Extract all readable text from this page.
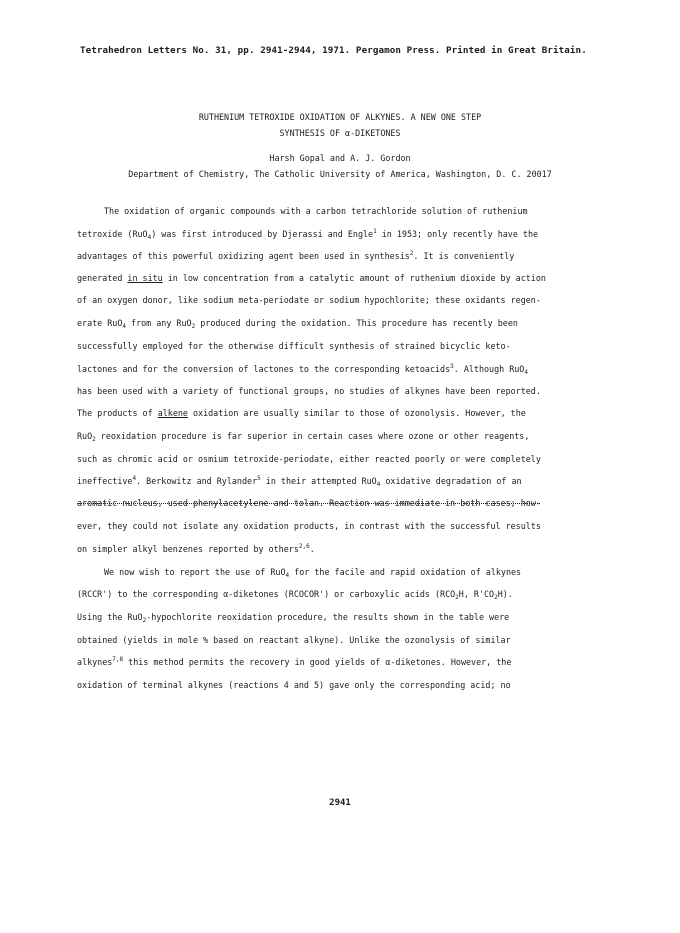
Tetrahedron Letters No. 31, pp. 2941-2944, 1971. Pergamon Press. Printed in Great Britain.
RUTHENIUM TETROXIDE OXIDATION OF ALKYNES. A NEW ONE STEP
SYNTHESIS OF α-DIKETONES
Harsh Gopal and A. J. Gordon
Department of Chemistry, The Catholic University of America, Washington, D. C. 20017
The oxidation of organic compounds with a carbon tetrachloride solution of ruthenium
tetroxide (RuO$_4$) was first introduced by Djerassi and Engle$^1$ in 1953; only recently have the
advantages of this powerful oxidizing agent been used in synthesis$^2$. It is conveniently
generated in situ in low concentration from a catalytic amount of ruthenium dioxide by action
of an oxygen donor, like sodium meta-periodate or sodium hypochlorite; these oxidants regen-
erate RuO$_4$ from any RuO$_2$ produced during the oxidation. This procedure has recently been
successfully employed for the otherwise difficult synthesis of strained bicyclic keto-
lactones and for the conversion of lactones to the corresponding ketoacids$^3$. Although RuO$_4$
has been used with a variety of functional groups, no studies of alkynes have been reported.
The products of alkene oxidation are usually similar to those of ozonolysis. However, the
RuO$_2$ reoxidation procedure is far superior in certain cases where ozone or other reagents,
such as chromic acid or osmium tetroxide-periodate, either reacted poorly or were completely
ineffective$^4$. Berkowitz and Rylander$^5$ in their attempted RuO$_4$ oxidative degradation of an
aromatic nucleus, used phenylacetylene and tolan. Reaction was immediate in both cases; how-
ever, they could not isolate any oxidation products, in contrast with the successful results
on simpler alkyl benzenes reported by others$^{2,6}$.
We now wish to report the use of RuO$_4$ for the facile and rapid oxidation of alkynes
(RCCR') to the corresponding α-diketones (RCOCOR') or carboxylic acids ($RCO_2H$, $R'CO_2H$).
Using the RuO$_2$-hypochlorite reoxidation procedure, the results shown in the table were
obtained (yields in mole % based on reactant alkyne). Unlike the ozonolysis of similar
alkynes$^{7,8}$ this method permits the recovery in good yields of α-diketones. However, the
oxidation of terminal alkynes (reactions 4 and 5) gave only the corresponding acid; no
2941
